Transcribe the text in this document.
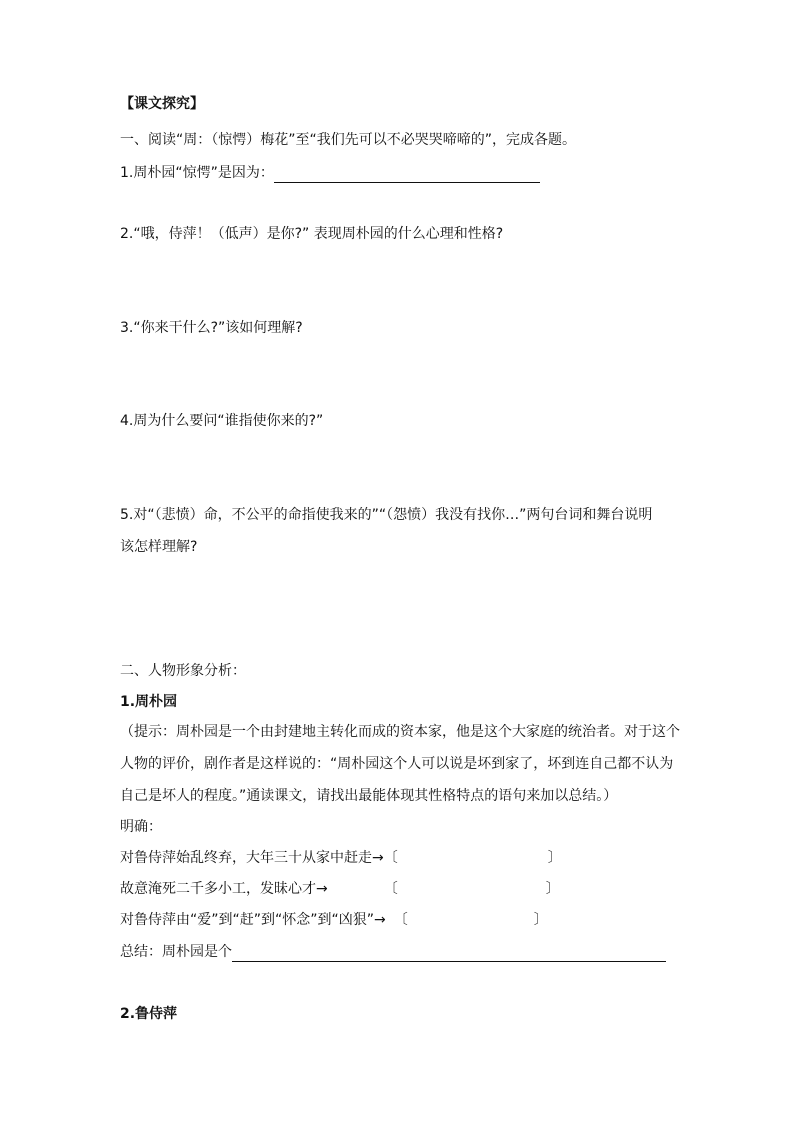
【课文探究】
一、阅读“周：（惊愕）梅花”至“我们先可以不必哭哭啼啼的”，完成各题。
1.周朴园“惊愕”是因为：
2.“哦，侍萍！（低声）是你?” 表现周朴园的什么心理和性格?
3.“你来干什么?”该如何理解?
4.周为什么要问“谁指使你来的?”
5.对“（悲愤）命，不公平的命指使我来的”“（怨愤）我没有找你…”两句台词和舞台说明
该怎样理解?
二、人物形象分析：
1.周朴园
（提示：周朴园是一个由封建地主转化而成的资本家，他是这个大家庭的统治者。对于这个
人物的评价，剧作者是这样说的：“周朴园这个人可以说是坏到家了，坏到连自己都不认为
自己是坏人的程度。”通读课文，请找出最能体现其性格特点的语句来加以总结。）
明确：
对鲁侍萍始乱终弃，大年三十从家中赶走→〔	〕
故意淹死二千多小工，发昧心才→	〔	〕
对鲁侍萍由“爱”到“赶”到“怀念”到“凶狠”→ 〔	〕
总结：周朴园是个
2.鲁侍萍
